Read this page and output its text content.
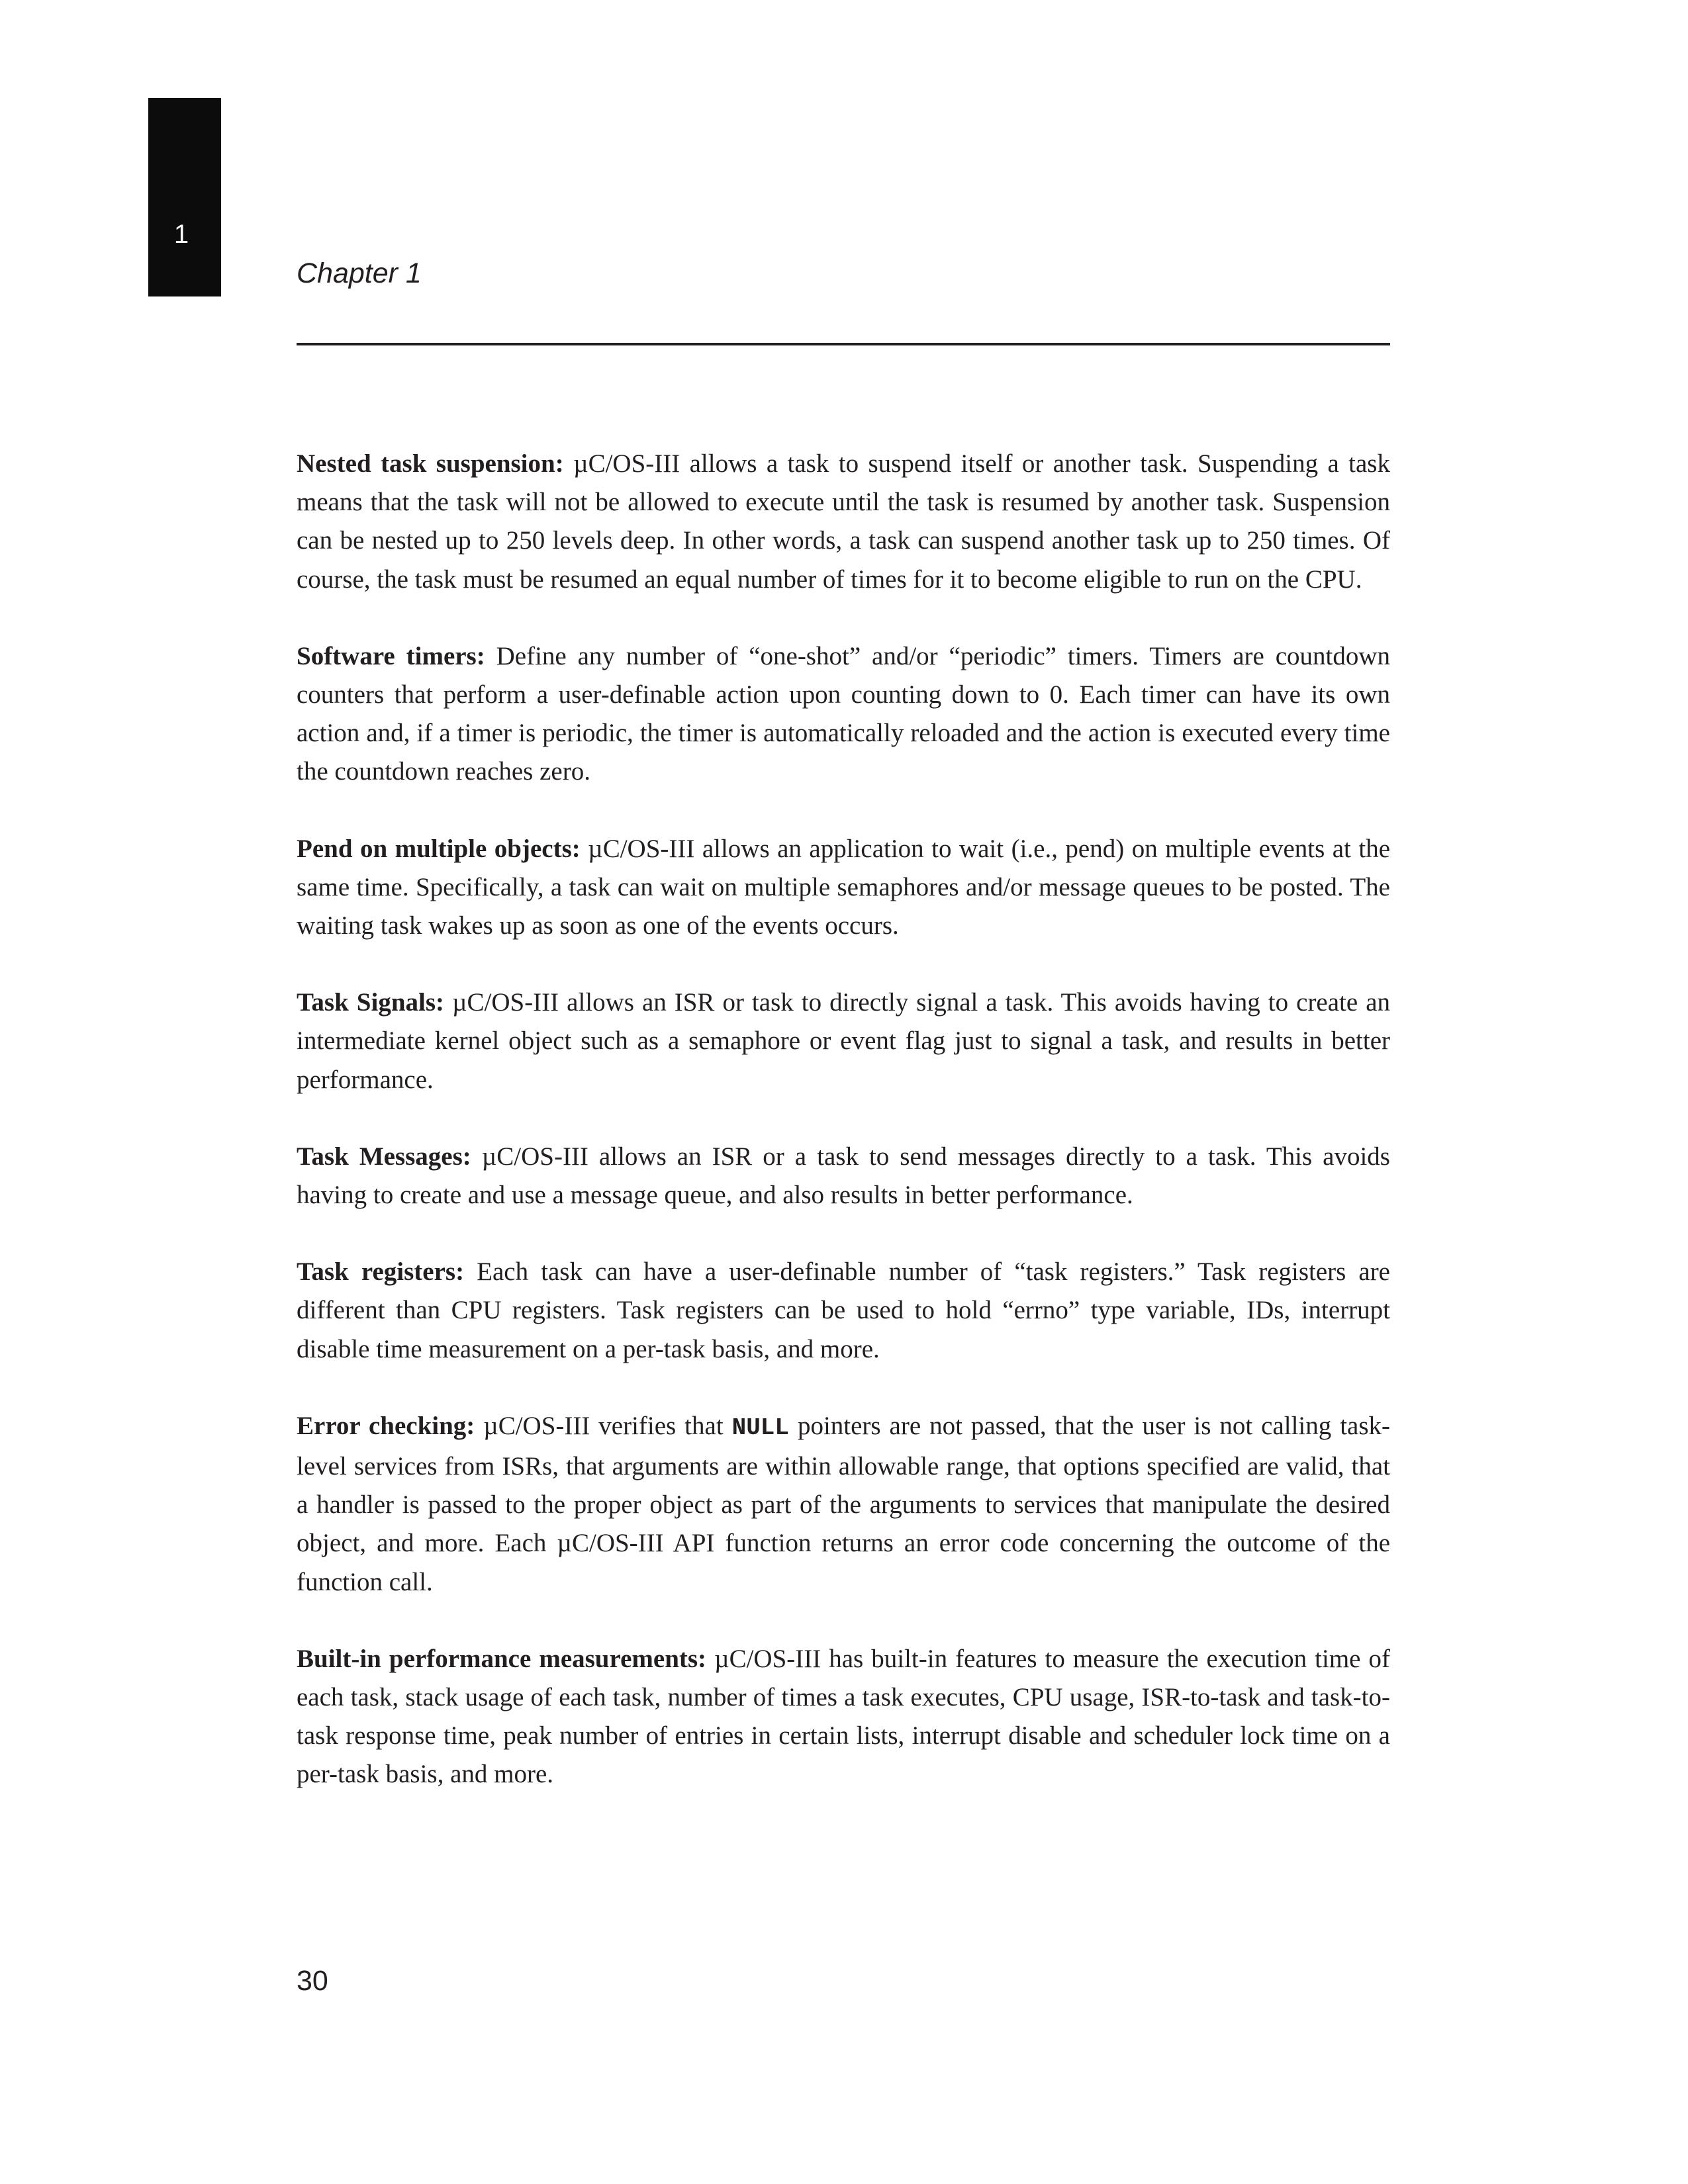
1
Chapter 1

Nested task suspension: µC/OS-III allows a task to suspend itself or another task. Suspending a task means that the task will not be allowed to execute until the task is resumed by another task. Suspension can be nested up to 250 levels deep. In other words, a task can suspend another task up to 250 times. Of course, the task must be resumed an equal number of times for it to become eligible to run on the CPU.

Software timers: Define any number of “one-shot” and/or “periodic” timers. Timers are countdown counters that perform a user-definable action upon counting down to 0. Each timer can have its own action and, if a timer is periodic, the timer is automatically reloaded and the action is executed every time the countdown reaches zero.

Pend on multiple objects: µC/OS-III allows an application to wait (i.e., pend) on multiple events at the same time. Specifically, a task can wait on multiple semaphores and/or message queues to be posted. The waiting task wakes up as soon as one of the events occurs.

Task Signals: µC/OS-III allows an ISR or task to directly signal a task. This avoids having to create an intermediate kernel object such as a semaphore or event flag just to signal a task, and results in better performance.

Task Messages: µC/OS-III allows an ISR or a task to send messages directly to a task. This avoids having to create and use a message queue, and also results in better performance.

Task registers: Each task can have a user-definable number of “task registers.” Task registers are different than CPU registers. Task registers can be used to hold “errno” type variable, IDs, interrupt disable time measurement on a per-task basis, and more.

Error checking: µC/OS-III verifies that NULL pointers are not passed, that the user is not calling task-level services from ISRs, that arguments are within allowable range, that options specified are valid, that a handler is passed to the proper object as part of the arguments to services that manipulate the desired object, and more. Each µC/OS-III API function returns an error code concerning the outcome of the function call.

Built-in performance measurements: µC/OS-III has built-in features to measure the execution time of each task, stack usage of each task, number of times a task executes, CPU usage, ISR-to-task and task-to-task response time, peak number of entries in certain lists, interrupt disable and scheduler lock time on a per-task basis, and more.

30
